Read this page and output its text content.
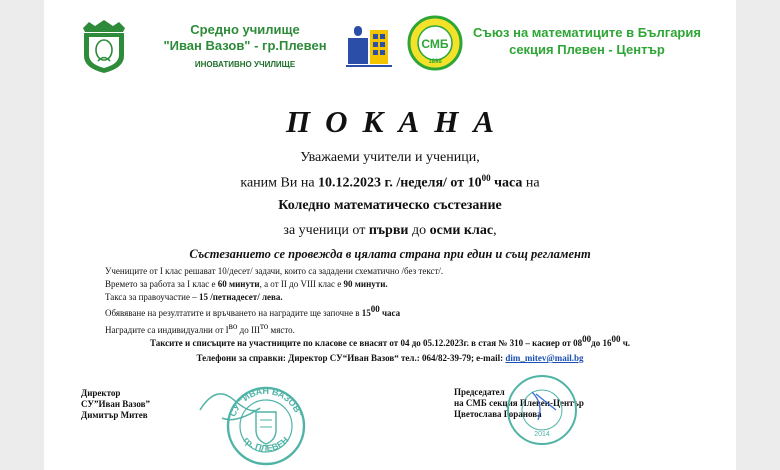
Средно училище
"Иван Вазов" - гр.Плевен
ИНОВАТИВНО УЧИЛИЩЕ
СМБ
1898
Съюз на математиците в България
секция Плевен - Център
ПОКАНА
Уважаеми учители и ученици,
каним Ви на 10.12.2023 г. /неделя/ от $10^{00}$ часа на
Коледно математическо състезание
за ученици от първи до осми клас,
Състезанието се провежда в цялата страна при един и същ регламент
Учениците от I клас решават 10/десет/ задачи, които са зададени схематично /без текст/.
Времето за работа за I клас е 60 минути, а от II до VIII клас е 90 минути.
Такса за правоучастие – 15 /петнадесет/ лева.
Обявяване на резултатите и връчването на наградите ще започне в $15^{00}$ часа
Наградите са индивидуални от $I^{во}$ до $III^{то}$ място.
Таксите и списъците на участниците по класове се внасят от 04 до 05.12.2023г. в стая № 310 – касиер от $08^{00}до$ $16^{00}$ ч.
Телефони за справки: Директор СУ“Иван Вазов“ тел.: 064/82-39-79; e-mail: dim_mitev@mail.bg
Директор
СУ”Иван Вазов”
Димитър Митев	СУ "ИВАН ВАЗОВ"
гр. ПЛЕВЕН
Председател
на СМБ секция Плевен-Център
Цветослава Горанова
2014
